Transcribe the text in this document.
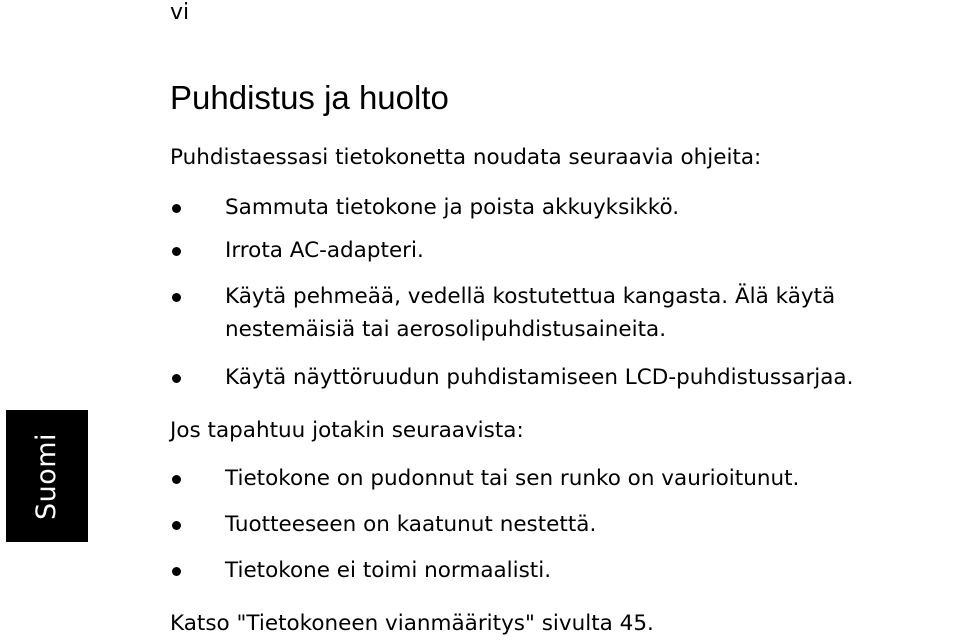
vi
Suomi
Puhdistus ja huolto

Puhdistaessasi tietokonetta noudata seuraavia ohjeita:

Sammuta tietokone ja poista akkuyksikkö.

Irrota AC-adapteri.

Käytä pehmeää, vedellä kostutettua kangasta. Älä käytä

nestemäisiä tai aerosolipuhdistusaineita.

Käytä näyttöruudun puhdistamiseen LCD-puhdistussarjaa.

Jos tapahtuu jotakin seuraavista:

Tietokone on pudonnut tai sen runko on vaurioitunut.

Tuotteeseen on kaatunut nestettä.

Tietokone ei toimi normaalisti.

Katso "Tietokoneen vianmääritys" sivulta 45.
